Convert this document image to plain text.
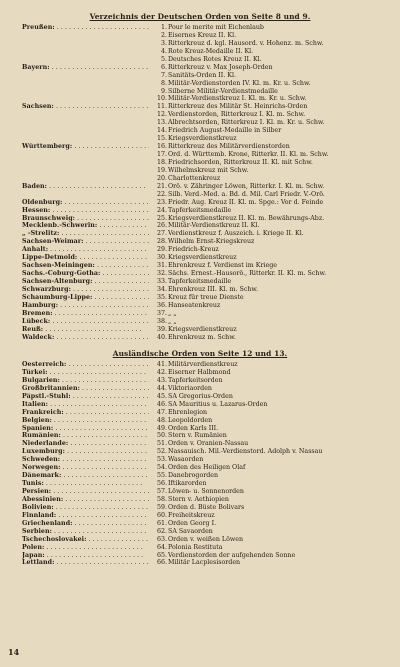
Verzeichnis der Deutschen Orden von Seite 8 und 9.
Preußen: . . .	1. Pour le merite mit Eichenlaub
2. Eisernes Kreuz II. Kl.
3. Ritterkreuz d. kgl. Hausord. v. Hohenz. m. Schw.
4. Rote Kreuz-Medaille II. Kl.
5. Deutsches Rotes Kreuz II. Kl.
Bayern: . . .	6. Ritterkreuz v. Max Joseph-Orden
7. Sanitäts-Orden II. Kl.
8. Militär-Verdienstorden IV. Kl. m. Kr. u. Schw.
9. Silberne Militär-Verdienstmedaille
10. Militär-Verdienstkreuz I. Kl. m. Kr. u. Schw.
Sachsen: . . .	11. Ritterkreuz des Militär St. Heinrichs-Orden
12. Verdienstorden, Ritterkreuz I. Kl. m. Schw.
13. Albrechtsorden, Ritterkreuz I. Kl. m. Kr. u. Schw.
14. Friedrich August-Medaille in Silber
15. Kriegsverdienstkreuz
Württemberg: . . .	16. Ritterkreuz des Militärverdienstorden
17. Ord. d. Württemb. Krone, Ritterkr. II. Kl. m. Schw.
18. Friedrichsorden, Ritterkreuz II. Kl. mit Schw.
19. Wilhelmskreuz mit Schw.
20. Charlottenkreuz
Baden: . . .	21. Orö. v. Zähringer Löwen, Ritterkr. I. Kl. m. Schw.
22. Silb. Verd.-Med. a. Bd. d. Mil. Carl Friedr. V.-Orö.
Oldenburg: . . .	23. Friedr. Aug. Kreuz II. Kl. m. Spge.: Vor d. Feinde
Hessen: . . .	24. Tapferkeitsmedaille
Braunschweig: . . .	25. Kriegsverdienstkreuz II. Kl. m. Bewährungs-Abz.
Mecklenb.-Schwerin: . . .	26. Militär-Verdienstkreuz II. Kl.
„ -Strelitz: . . .	27. Verdienstkreuz f. Auszeich. i. Kriege II. Kl.
Sachsen-Weimar: . . .	28. Wilhelm Ernst-Kriegskreuz
Anhalt: . . .	29. Friedrich-Kreuz
Lippe-Detmold: . . .	30. Kriegsverdienstkreuz
Sachsen-Meiningen: . . .	31. Ehrenkreuz f. Verdienst im Kriege
Sachs.-Coburg-Gotha: . . .	32. Sächs. Ernest.-Hausorö., Ritterkr. II. Kl. m. Schw.
Sachsen-Altenburg: . . .	33. Tapferkeitsmedaille
Schwarzburg: . . .	34. Ehrenkreuz III. Kl. m. Schw.
Schaumburg-Lippe: . . .	35. Kreuz für treue Dienste
Hamburg: . . .	36. Hanseatenkreuz
Bremen: . . .	37. „ „
Lübeck: . . .	38. „ „
Reuß: . . .	39. Kriegsverdienstkreuz
Waldeck: . . .	40. Ehrenkreuz m. Schw.
Ausländische Orden von Seite 12 und 13.
Oesterreich: . . .	41. Militärverdienstkreuz
Türkei: . . .	42. Eiserner Halbmond
Bulgarien: . . .	43. Tapferkeitsorden
Großbritannien: . . .	44. Viktoriaorden
Päpstl.-Stuhl: . . .	45. SA Gregorius-Orden
Italien: . . .	46. SA Mauritius u. Lazarus-Orden
Frankreich: . . .	47. Ehrenlegion
Belgien: . . .	48. Leopoldorden
Spanien: . . .	49. Orden Karls III.
Rumänien: . . .	50. Stern v. Rumänien
Niederlande: . . .	51. Orden v. Oranien-Nassau
Luxemburg: . . .	52. Nassauisch. Mil.-Verdienstord. Adolph v. Nassau
Schweden: . . .	53. Wasaorden
Norwegen: . . .	54. Orden des Heiligen Olaf
Dänemark: . . .	55. Danebrogorden
Tunis: . . .	56. Iftikarorden
Persien: . . .	57. Löwen- u. Sonnenorden
Abessinien: . . .	58. Stern v. Aethiopien
Bolivien: . . .	59. Orden d. Büste Bolivars
Finnland: . . .	60. Freiheitskreuz
Griechenland: . . .	61. Orden Georg I.
Serbien: . . .	62. SA Savaorden
Tschechoslovakei: . . .	63. Orden v. weißen Löwen
Polen: . . .	64. Polonia Restituta
Japan: . . .	65. Verdienstorden der aufgehenden Sonne
Lettland: . . .	66. Militär Lacplesisorden
14
